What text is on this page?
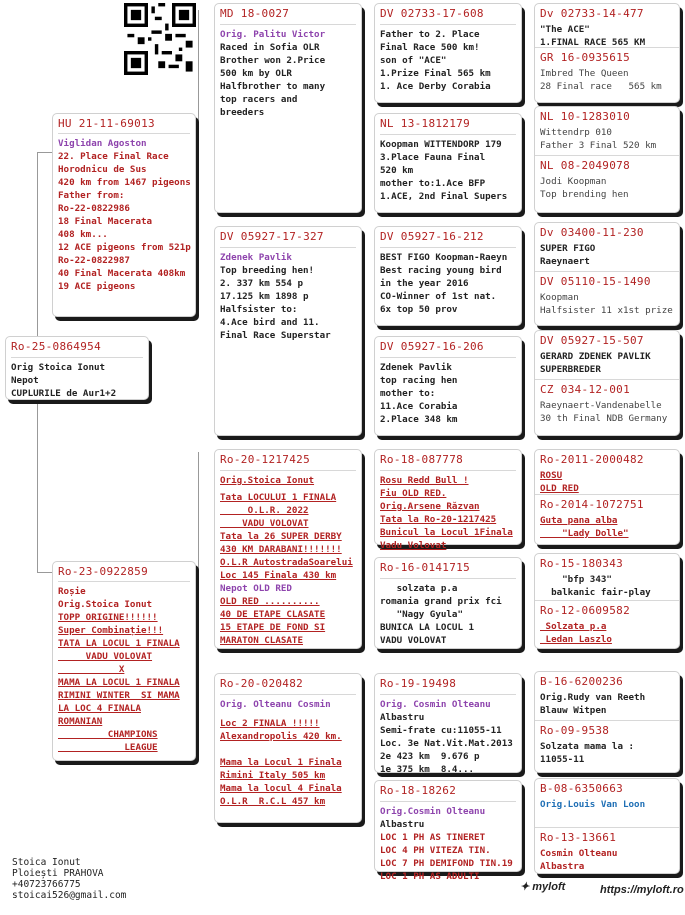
Ro-25-0864954
Orig Stoica Ionut
Nepot
CUPLURILE de Aur1+2
HU 21-11-69013
Viglidan Agoston
22. Place Final Race
Horodnicu de Sus
420 km from 1467 pigeons
Father from:
Ro-22-0822986
18 Final Macerata
408 km...
12 ACE pigeons from 521p
Ro-22-0822987
40 Final Macerata 408km
19 ACE pigeons
Ro-23-0922859
Roșie
Orig.Stoica Ionut
TOPP ORIGINE!!!!!!
Super Combinație!!!
TATA LA LOCUL 1 FINALA
VADU VOLOVAT
X
MAMA LA LOCUL 1 FINALA
RIMINI WINTER  SI MAMA
LA LOC 4 FINALA
ROMANIAN
CHAMPIONS
LEAGUE
MD 18-0027
Orig. Palitu Victor
Raced in Sofia OLR
Brother won 2.Price
500 km by OLR
Halfbrother to many
top racers and
breeders
DV 05927-17-327
Zdenek Pavlik
Top breeding hen!
2. 337 km 554 p
17.125 km 1898 p
Halfsister to:
4.Ace bird and 11.
Final Race Superstar
Ro-20-1217425
Orig.Stoica Ionut
Tata LOCULUI 1 FINALA
O.L.R. 2022
VADU VOLOVAT
Tata la 26 SUPER DERBY
430 KM DARABANI!!!!!!!
O.L.R AutostradaSoarelui
Loc 145 Finala 430 km
Nepot OLD RED
OLD RED ..........
40 DE ETAPE CLASATE
15 ETAPE DE FOND SI
MARATON CLASATE
Ro-20-020482
Orig. Olteanu Cosmin
Loc 2 FINALA !!!!!
Alexandropolis 420 km.

Mama la Locul 1 Finala
Rimini Italy 505 km
Mama la locul 4 Finala
O.L.R  R.C.L 457 km
DV 02733-17-608
Father to 2. Place
Final Race 500 km!
son of "ACE"
1.Prize Final 565 km
1. Ace Derby Corabia
NL 13-1812179
Koopman WITTENDORP 179
3.Place Fauna Final
520 km
mother to:1.Ace BFP
1.ACE, 2nd Final Supers
DV 05927-16-212
BEST FIGO Koopman-Raeyn
Best racing young bird
in the year 2016
CO-Winner of 1st nat.
6x top 50 prov
DV 05927-16-206
Zdenek Pavlik
top racing hen
mother to:
11.Ace Corabia
2.Place 348 km
Ro-18-087778
Rosu Redd Bull !
Fiu OLD RED.
Orig.Arsene Răzvan
Tata la Ro-20-1217425
Bunicul la Locul 1Finala
Vadu Volovat
Ro-16-0141715
solzata p.a
romania grand prix fci
"Nagy Gyula"
BUNICA LA LOCUL 1
VADU VOLOVAT
Ro-19-19498
Orig. Cosmin Olteanu
Albastru
Semi-frate cu:11055-11
Loc. 3e Nat.Vit.Mat.2013
2e 423 km  9.676 p
1e 375 km  8.4...
Ro-18-18262
Orig.Cosmin Olteanu
Albastru
LOC 1 PH AS TINERET
LOC 4 PH VITEZA TIN.
LOC 7 PH DEMIFOND TIN.19
LOC 1 PH AS ADULTI
Dv 02733-14-477
"The ACE"
1.FINAL RACE 565 KM
GR 16-0935615
Imbred The Queen
28 Final race   565 km
NL 10-1283010
Wittendrp 010
Father 3 Final 520 km
NL 08-2049078
Jodi Koopman
Top brending hen
Dv 03400-11-230
SUPER FIGO
Raeynaert
DV 05110-15-1490
Koopman
Halfsister 11 x1st prize
DV 05927-15-507
GERARD ZDENEK PAVLIK
SUPERBREDER
CZ 034-12-001
Raeynaert-Vandenabelle
30 th Final NDB Germany
Ro-2011-2000482
ROSU
OLD RED
Ro-2014-1072751
Guta pana alba
"Lady Dolle"
Ro-15-180343
"bfp 343"
balkanic fair-play
Ro-12-0609582
Solzata p.a
Ledan Laszlo
B-16-6200236
Orig.Rudy van Reeth
Blauw Witpen
Ro-09-9538
Solzata mama la :
11055-11
B-08-6350663
Orig.Louis Van Loon
Ro-13-13661
Cosmin Olteanu
Albastra
Stoica Ionut
Ploiești PRAHOVA
+40723766775
stoicai526@gmail.com
✦ myloft	https://myloft.ro
